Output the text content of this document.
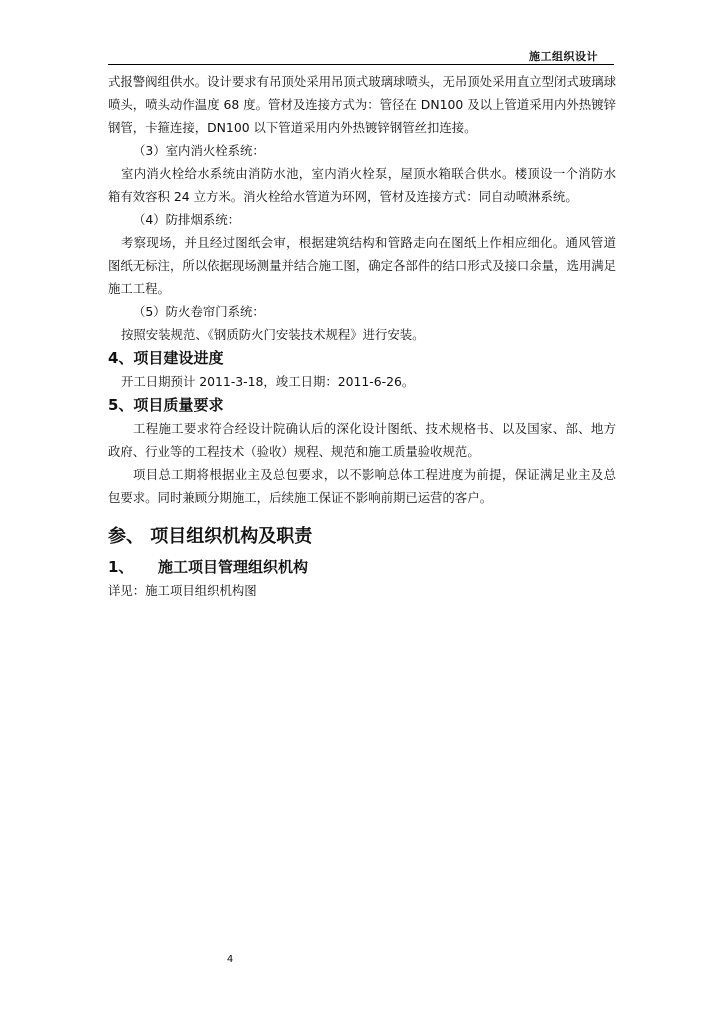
施工组织设计

式报警阀组供水。设计要求有吊顶处采用吊顶式玻璃球喷头，无吊顶处采用直立型闭式玻璃球喷头，喷头动作温度 68 度。管材及连接方式为：管径在 DN100 及以上管道采用内外热镀锌钢管，卡箍连接，DN100 以下管道采用内外热镀锌钢管丝扣连接。

（3）室内消火栓系统：

室内消火栓给水系统由消防水池，室内消火栓泵，屋顶水箱联合供水。楼顶设一个消防水箱有效容积 24 立方米。消火栓给水管道为环网，管材及连接方式：同自动喷淋系统。

（4）防排烟系统：

考察现场，并且经过图纸会审，根据建筑结构和管路走向在图纸上作相应细化。通风管道图纸无标注，所以依据现场测量并结合施工图，确定各部件的结口形式及接口余量，选用满足施工工程。

（5）防火卷帘门系统：

按照安装规范、《钢质防火门安装技术规程》进行安装。

4、项目建设进度

开工日期预计 2011-3-18，竣工日期：2011-6-26。

5、项目质量要求

工程施工要求符合经设计院确认后的深化设计图纸、技术规格书、以及国家、部、地方政府、行业等的工程技术（验收）规程、规范和施工质量验收规范。

项目总工期将根据业主及总包要求，以不影响总体工程进度为前提，保证满足业主及总包要求。同时兼顾分期施工，后续施工保证不影响前期已运营的客户。

参、 项目组织机构及职责
1、 施工项目管理组织机构

详见：施工项目组织机构图

4
